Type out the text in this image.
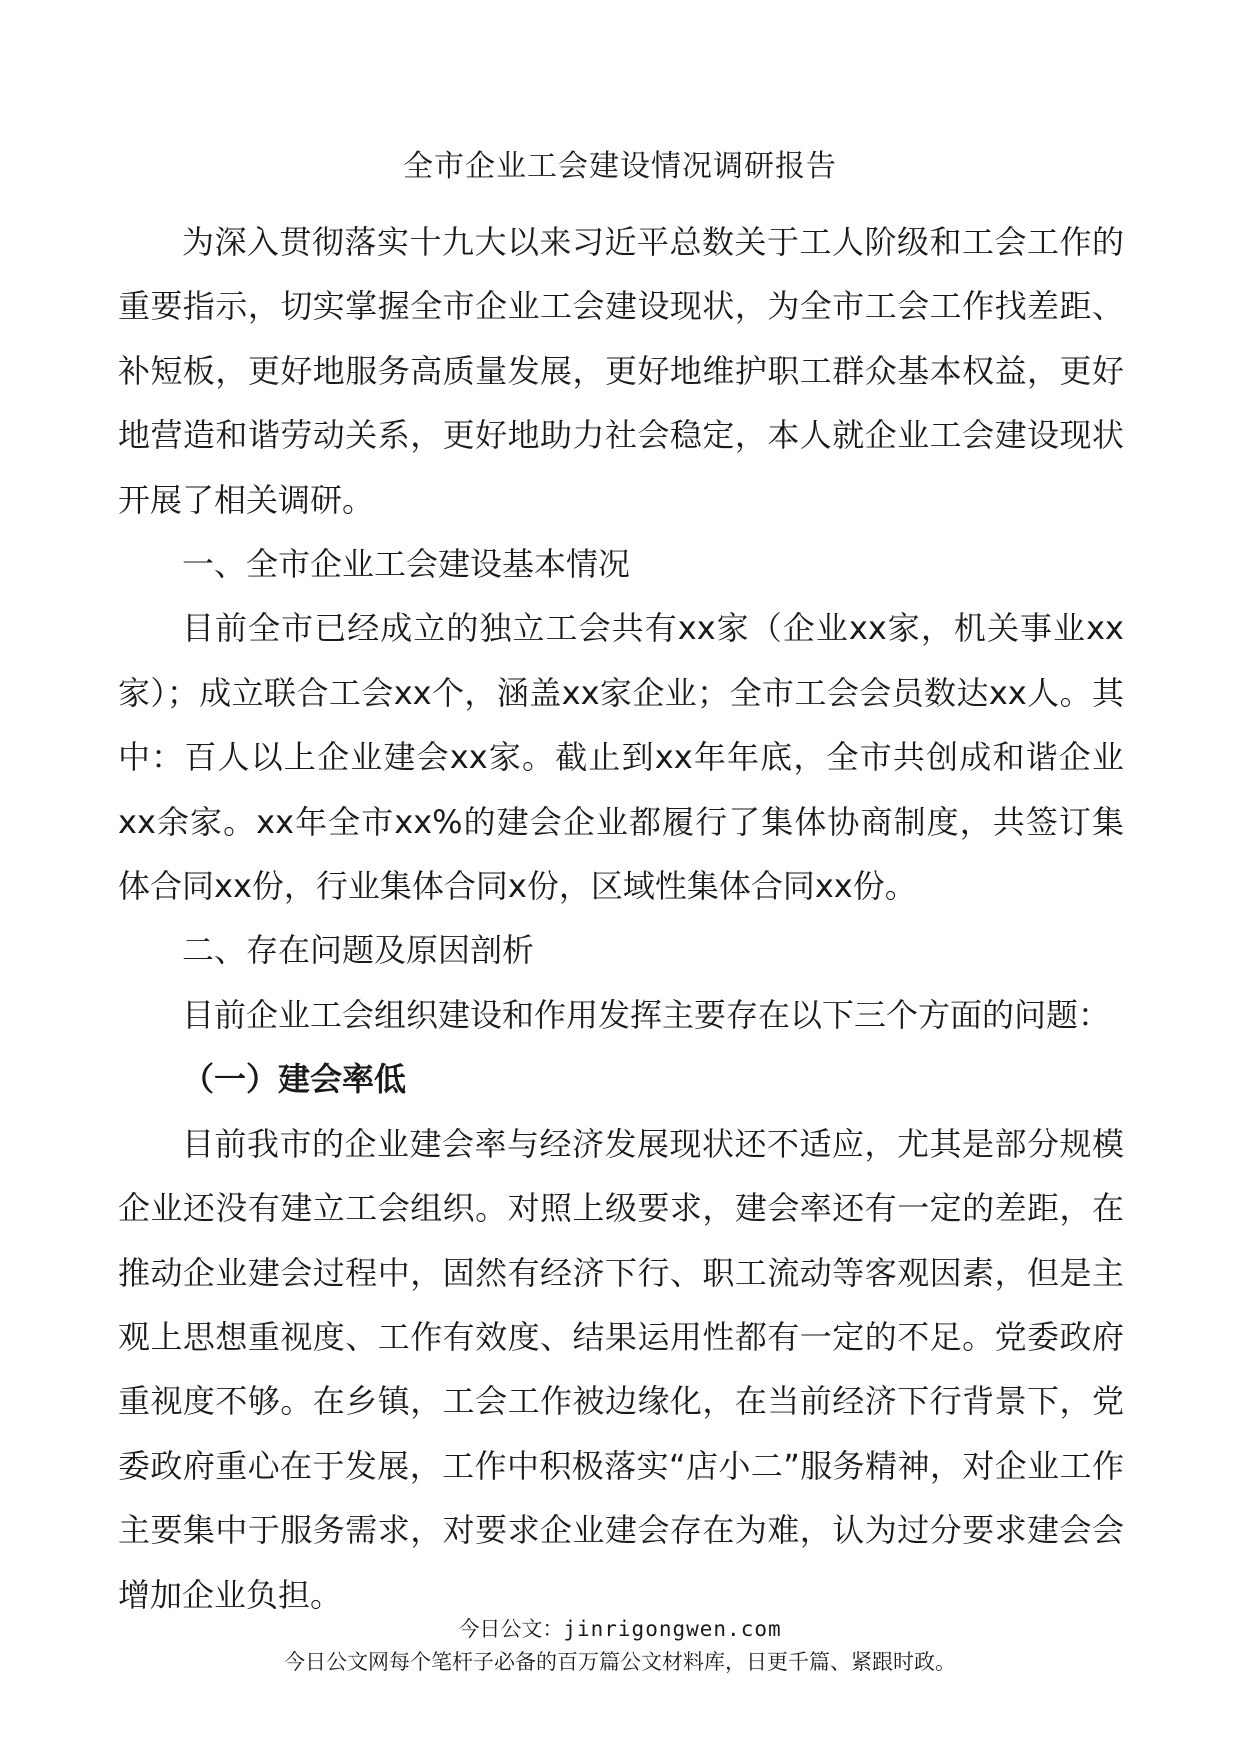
全市企业工会建设情况调研报告

为深入贯彻落实十九大以来习近平总数关于工人阶级和工会工作的重要指示，切实掌握全市企业工会建设现状，为全市工会工作找差距、补短板，更好地服务高质量发展，更好地维护职工群众基本权益，更好地营造和谐劳动关系，更好地助力社会稳定，本人就企业工会建设现状开展了相关调研。

一、全市企业工会建设基本情况

目前全市已经成立的独立工会共有xx家（企业xx家，机关事业xx家）；成立联合工会xx个，涵盖xx家企业；全市工会会员数达xx人。其中：百人以上企业建会xx家。截止到xx年年底，全市共创成和谐企业xx余家。xx年全市xx%的建会企业都履行了集体协商制度，共签订集体合同xx份，行业集体合同x份，区域性集体合同xx份。

二、存在问题及原因剖析

目前企业工会组织建设和作用发挥主要存在以下三个方面的问题：

（一）建会率低

目前我市的企业建会率与经济发展现状还不适应，尤其是部分规模企业还没有建立工会组织。对照上级要求，建会率还有一定的差距，在推动企业建会过程中，固然有经济下行、职工流动等客观因素，但是主观上思想重视度、工作有效度、结果运用性都有一定的不足。党委政府重视度不够。在乡镇，工会工作被边缘化，在当前经济下行背景下，党委政府重心在于发展，工作中积极落实“店小二”服务精神，对企业工作主要集中于服务需求，对要求企业建会存在为难，认为过分要求建会会增加企业负担。

今日公文：jinrigongwen.com
今日公文网每个笔杆子必备的百万篇公文材料库，日更千篇、紧跟时政。
